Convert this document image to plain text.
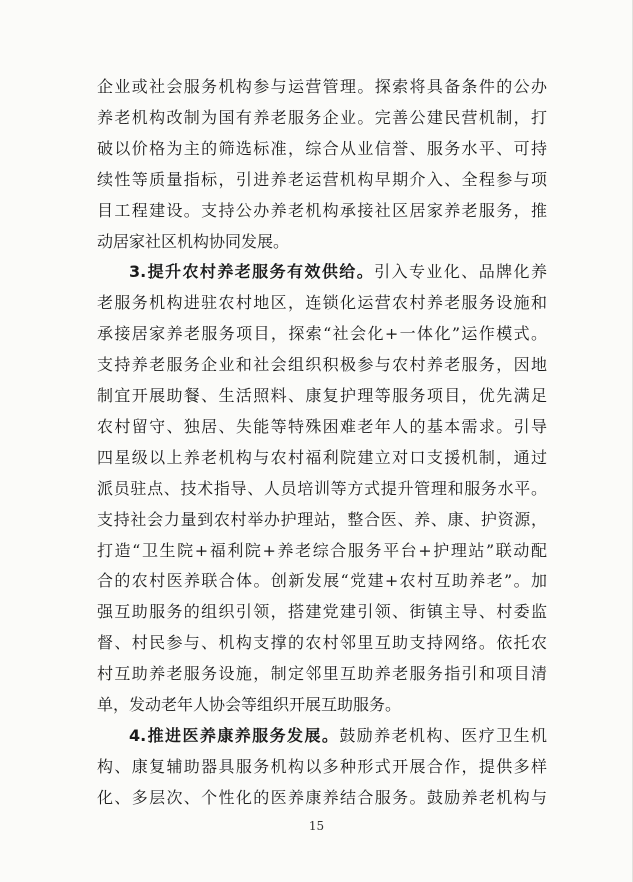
企业或社会服务机构参与运营管理。探索将具备条件的公办
养老机构改制为国有养老服务企业。完善公建民营机制，打
破以价格为主的筛选标准，综合从业信誉、服务水平、可持
续性等质量指标，引进养老运营机构早期介入、全程参与项
目工程建设。支持公办养老机构承接社区居家养老服务，推
动居家社区机构协同发展。
3.提升农村养老服务有效供给。引入专业化、品牌化养
老服务机构进驻农村地区，连锁化运营农村养老服务设施和
承接居家养老服务项目，探索“社会化+一体化”运作模式。
支持养老服务企业和社会组织积极参与农村养老服务，因地
制宜开展助餐、生活照料、康复护理等服务项目，优先满足
农村留守、独居、失能等特殊困难老年人的基本需求。引导
四星级以上养老机构与农村福利院建立对口支援机制，通过
派员驻点、技术指导、人员培训等方式提升管理和服务水平。
支持社会力量到农村举办护理站，整合医、养、康、护资源，
打造“卫生院+福利院+养老综合服务平台+护理站”联动配
合的农村医养联合体。创新发展“党建+农村互助养老”。加
强互助服务的组织引领，搭建党建引领、街镇主导、村委监
督、村民参与、机构支撑的农村邻里互助支持网络。依托农
村互助养老服务设施，制定邻里互助养老服务指引和项目清
单，发动老年人协会等组织开展互助服务。
4.推进医养康养服务发展。鼓励养老机构、医疗卫生机
构、康复辅助器具服务机构以多种形式开展合作，提供多样
化、多层次、个性化的医养康养结合服务。鼓励养老机构与
15
